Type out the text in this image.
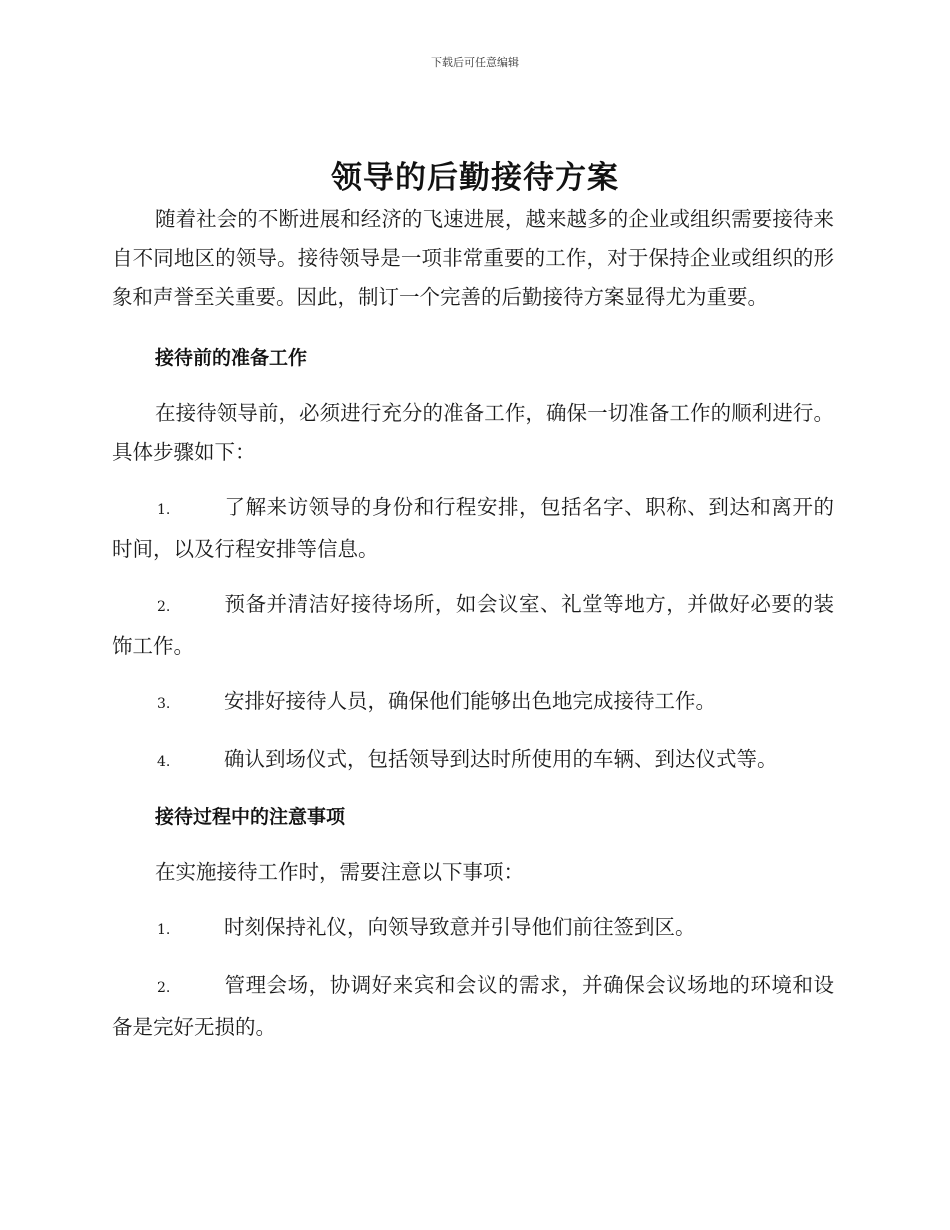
下载后可任意编辑
领导的后勤接待方案

随着社会的不断进展和经济的飞速进展，越来越多的企业或组织需要接待来自不同地区的领导。接待领导是一项非常重要的工作，对于保持企业或组织的形象和声誉至关重要。因此，制订一个完善的后勤接待方案显得尤为重要。

接待前的准备工作

在接待领导前，必须进行充分的准备工作，确保一切准备工作的顺利进行。具体步骤如下：

1.	了解来访领导的身份和行程安排，包括名字、职称、到达和离开的时间，以及行程安排等信息。

2.	预备并清洁好接待场所，如会议室、礼堂等地方，并做好必要的装饰工作。

3.	安排好接待人员，确保他们能够出色地完成接待工作。

4.	确认到场仪式，包括领导到达时所使用的车辆、到达仪式等。

接待过程中的注意事项

在实施接待工作时，需要注意以下事项：

1.	时刻保持礼仪，向领导致意并引导他们前往签到区。

2.	管理会场，协调好来宾和会议的需求，并确保会议场地的环境和设备是完好无损的。
